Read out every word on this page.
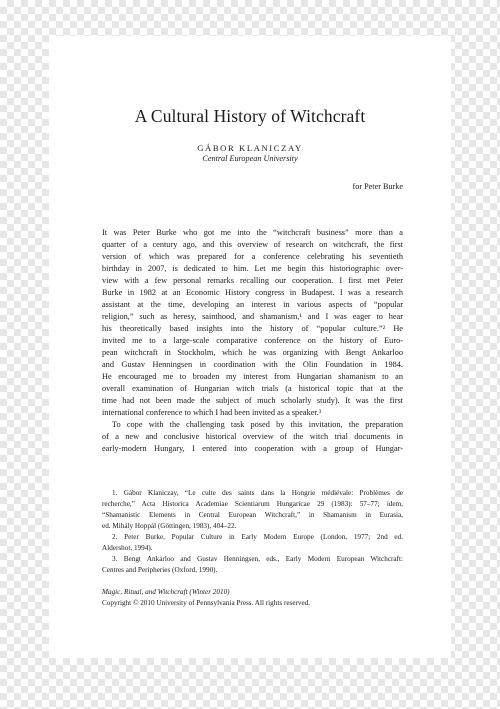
A Cultural History of Witchcraft
GÁBOR KLANICZAY
Central European University
for Peter Burke
It was Peter Burke who got me into the “witchcraft business” more than a
quarter of a century ago, and this overview of research on witchcraft, the first
version of which was prepared for a conference celebrating his seventieth
birthday in 2007, is dedicated to him. Let me begin this historiographic over-
view with a few personal remarks recalling our cooperation. I first met Peter
Burke in 1982 at an Economic History congress in Budapest. I was a research
assistant at the time, developing an interest in various aspects of “popular
religion,” such as heresy, sainthood, and shamanism,¹ and I was eager to hear
his theoretically based insights into the history of “popular culture.”² He
invited me to a large-scale comparative conference on the history of Euro-
pean witchcraft in Stockholm, which he was organizing with Bengt Ankarloo
and Gustav Henningsen in coordination with the Olin Foundation in 1984.
He encouraged me to broaden my interest from Hungarian shamanism to an
overall examination of Hungarian witch trials (a historical topic that at the
time had not been made the subject of much scholarly study). It was the first
international conference to which I had been invited as a speaker.³
To cope with the challenging task posed by this invitation, the preparation
of a new and conclusive historical overview of the witch trial documents in
early-modern Hungary, I entered into cooperation with a group of Hungar-
1. Gábor Klaniczay, “Le culte des saints dans la Hongrie médiévale: Problèmes de
recherche,” Acta Historica Academiae Scientiarum Hungaricae 29 (1983): 57–77; idem,
“Shamanistic Elements in Central European Witchcraft,” in Shamanism in Eurasia,
ed. Mihály Hoppál (Göttingen, 1983), 404–22.
2. Peter Burke, Popular Culture in Early Modern Europe (London, 1977; 2nd ed.
Aldershot, 1994).
3. Bengt Ankarloo and Gustav Henningsen, eds., Early Modern European Witchcraft:
Centres and Peripheries (Oxford, 1990).
Magic, Ritual, and Witchcraft (Winter 2010)
Copyright © 2010 University of Pennsylvania Press. All rights reserved.
